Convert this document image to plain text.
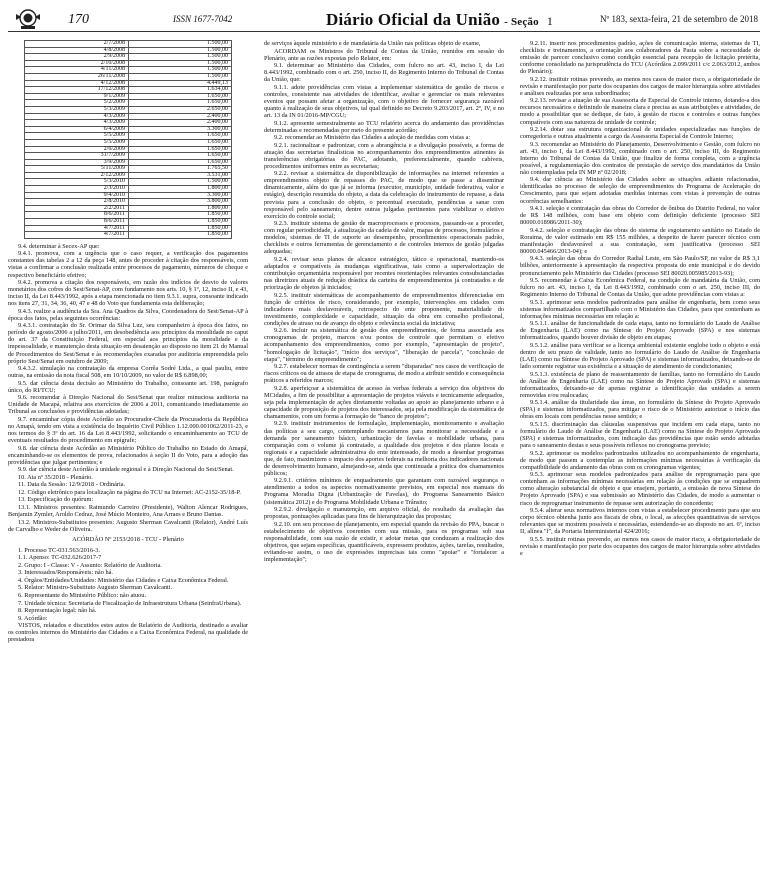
170	ISSN 1677-7042	Diário Oficial da União - Seção 1	Nº 183, sexta-feira, 21 de setembro de 2018
2/7/2008	1.500,00
4/8/2008	1.500,00
2/9/2008	1.500,00
2/10/2008	1.500,00
4/11/2008	1.500,00
26/11/2008	1.500,00
4/12/2008	4.449,13
17/12/2008	1.634,00
9/1/2009	1.650,00
5/2/2009	1.650,00
5/3/2009	2.650,00
4/3/2009	2.400,00
4/3/2009	2.400,00
6/4/2009	3.300,00
5/5/2009	1.650,00
5/5/2009	1.650,00
2/6/2009	1.650,00
31/7/2009	1.650,00
3/9/2009	1.650,00
5/11/2009	1.765,50
2/12/2009	3.531,00
5/3/2010	1.500,00
2/3/2010	1.800,00
9/4/2010	3.300,00
2/8/2010	3.800,00
2/2/2011	1.800,00
8/6/2011	1.850,00
8/6/2011	1.850,00
4/7/2011	1.850,00
4/7/2011	1.850,00

9.4. determinar à Secex-AP que:

9.4.1. promova, com a urgência que o caso requer, a verificação dos pagamentos constantes das tabelas 2 a 12 da peça 148, antes de proceder à citação dos responsáveis, com vistas a confirmar a conclusão realizada entre processos de pagamento, números de cheque e respectivo beneficiário efetivo;

9.4.2. promova a citação dos responsáveis, em razão dos indícios de desvio de valores monetários dos cofres do Sest/Senat-AP, com fundamento nos arts. 10, § 1º, 12, inciso II, e 43, inciso II, da Lei 8.443/1992, após a etapa mencionada no item 9.3.1. supra, consoante indicado nos itens 27, 31, 34, 36, 40, 47 e 48 do Voto que fundamenta esta deliberação;

9.4.3. realize a audiência da Sra. Ana Quadros da Silva, Coordenadora do Sest/Senat-AP à época dos fatos, pelas seguintes ocorrências:

9.4.3.1. contratação do Sr. Orimar da Silva Luz, seu companheiro à época dos fatos, no período de agosto/2006 a julho/2011, em desobediência aos princípios da moralidade no caput do art. 37 da Constituição Federal, em especial aos princípios da moralidade e da impessoalidade, e manutenção desta situação em desatenção ao disposto no item 21 do Manual de Procedimentos do Sest/Senat e às recomendações exaradas por auditoria empreendida pelo próprio Sest/Senat em outubro de 2009;

9.4.3.2. simulação na contratação da empresa Corrêa Sodré Ltda., a qual pauliu, entre outras, na emissão da nota fiscal 508, em 10/10/2009, no valor de R$ 6.898,00;

9.5. dar ciência desta decisão ao Ministério do Trabalho, consoante art. 198, parágrafo único, do RI/TCU;

9.6. recomendar à Direção Nacional do Sest/Senat que realize minuciosa auditoria na Unidade de Macapá, relativa aos exercícios de 2006 a 2011, comunicando imediatamente ao Tribunal as conclusões e providências adotadas;

9.7. encaminhar cópia deste Acórdão ao Procurador-Chefe da Procuradoria da República no Amapá, tendo em vista a existência do Inquérito Civil Público 1.12.000.001062/2011-23, e nos termos do § 3º do art. 16 da Lei 8.443/1992, solicitando o encaminhamento ao TCU de eventuais resultados do procedimento em epígrafe;

9.8. dar ciência deste Acórdão ao Ministério Público do Trabalho no Estado do Amapá, encaminhando-se os elementos de prova, relacionados à seção II do Voto, para a adoção das providências que julgar pertinentes; e

9.9. dar ciência deste Acórdão à unidade regional e à Direção Nacional do Sest/Senat.

10. Ata nº 35/2018 - Plenário.

11. Data da Sessão: 12/9/2018 - Ordinária.

12. Código eletrônico para localização na página do TCU na Internet: AC-2152-35/18-P.

13. Especificação do quórum:

13.1. Ministros presentes: Raimundo Carreiro (Presidente), Walton Alencar Rodrigues, Benjamin Zymler, Aroldo Cedraz, José Múcio Monteiro, Ana Arraes e Bruno Dantas.

13.2. Ministros-Substitutos presentes: Augusto Sherman Cavalcanti (Relator), André Luís de Carvalho e Weder de Oliveira.

ACÓRDÃO Nº 2153/2018 - TCU - Plenário

1. Processo TC-031.563/2016-3.

1.1. Apenso: TC-032.626/2017-7

2. Grupo: I - Classe: V - Assunto: Relatório de Auditoria.

3. Interessados/Responsáveis: não há.

4. Órgãos/Entidades/Unidades: Ministério das Cidades e Caixa Econômica Federal.

5. Relator: Ministro-Substituto Augusto Sherman Cavalcanti.

6. Representante do Ministério Público: não atuou.

7. Unidade técnica: Secretaria de Fiscalização de Infraestrutura Urbana (SeinfraUrbana).

8. Representação legal: não há.

9. Acórdão:

VISTOS, relatados e discutidos estes autos de Relatório de Auditoria, destinado a avaliar os controles internos do Ministério das Cidades e a Caixa Econômica Federal, na qualidade de prestadora

de serviços àquele ministério e de mandatária da União nas políticas objeto de exame,

ACORDAM os Ministros do Tribunal de Contas da União, reunidos em sessão do Plenário, ante as razões expostas pelo Relator, em:

9.1. determinar ao Ministério das Cidades, com fulcro no art. 43, inciso I, da Lei 8.443/1992, combinado com o art. 250, inciso II, do Regimento Interno do Tribunal de Contas da União, que:

9.1.1. adote providências com vistas a implementar sistemática de gestão de riscos e controles, consistente nas atividades de identificar, avaliar e gerenciar os mais relevantes eventos que possam afetar a organização, com o objetivo de fornecer segurança razoável quanto à realização de seus objetivos, tal qual definido no Decreto 9.203/2017, art. 2º, IV, e no art. 13 da IN 01/2016-MP/CGU;

9.1.2. apresente semestralmente ao TCU relatório acerca do andamento das providências determinadas e recomendadas por meio do presente acórdão;

9.2. recomendar ao Ministério das Cidades a adoção de medidas com vistas a:

9.2.1. racionalizar e padronizar, com a abrangência e a divulgação possíveis, a forma de atuação das secretarias finalísticas no acompanhamento dos empreendimentos atinentes às transferências obrigatórias do PAC, adotando, preferencialmente, quando cabíveis, procedimentos uniformes entre as secretarias;

9.2.2. revisar a sistemática de disponibilização de informações na internet referentes a empreendimentos objeto de repasses do PAC, de modo que se passe a disseminar dinamicamente, além do que já se informa (executor, município, unidade federativa, valor e estágio), descrição resumida do objeto, a data da celebração do instrumento de repasse, a data prevista para a conclusão do objeto, o percentual executado, pendências a sanar com responsável pelo saneamento, dentre outras julgadas pertinentes para viabilizar o efetivo exercício do controle social;

9.2.3. instituir sistema de gestão de macroprocessos e processos, passando-se a proceder, com regular periodicidade, à atualização da cadeia de valor, mapas de processos, formulários e modelos, sistemas de TI de suporte ao desempenho, procedimentos operacionais padrão, checklists e outros ferramentas de gerenciamento e de controles internos de gestão julgadas adequadas;

9.2.4. revisar seus planos de alcance estratégico, tático e operacional, mantendo-os adaptados e compatíveis às mudanças significativas, tais como a supervalorização de contribuição orçamentária responsável por recentes reorientações relevantes consubstanciadas nas diretrizes atuais de redução drástica da carteira de empreendimentos já contratados e de priorização de objetos já iniciados;

9.2.5. instituir sistemáticas de acompanhamento de empreendimentos diferenciadas em função de critérios de risco, considerando, por exemplo, intervenções em cidades com indicadores mais desfavoráveis, retrospecto do ente proponente, materialidade do investimento, complexidade e capacidade, situação da obra em conselho profissional, condições de atraso ou de avanço do objeto e relevância social da iniciativa;

9.2.6. incluir na sistemática de gestão dos empreendimentos, de forma associada aos cronogramas de projeto, marcos e/ou pontos de controle que permitam o efetivo acompanhamento dos empreendimentos, como por exemplo, "apresentação de projeto", "homologação de licitação", "início dos serviços", "liberação de parcela", "conclusão de etapa", "término do empreendimento";

9.2.7. estabelecer normas de contingência a serem "disparadas" nos casos de verificação de riscos críticos ou de atrasos de etapa de cronograma, de modo a atribuir sentido e consequência práticos a referidos marcos;

9.2.8. aperfeiçoar a sistemática de acesso às verbas federais a serviço dos objetivos do MCidades, a fim de possibilitar a apresentação de projetos viáveis e tecnicamente adequados, seja pela implementação de ações diretamente voltadas ao apoio ao planejamento urbano e à capacidade de proposição de projetos dos interessados, seja pela modificação da sistemática de chamamentos, com um forma a formação de "banco de projetos";

9.2.9. instituir instrumentos de formulação, implementação, monitoramento e avaliação das políticas a seu cargo, contemplando mecanismos para monitorar a necessidade e a demanda por saneamento básico, urbanização de favelas e mobilidade urbana, para comparação com o volume já contratado, a qualidade dos projetos e dos planos locais e regionais e a capacidade administrativa do ente interessado, de modo a desenhar programas que, de fato, maximizem o impacto dos aportes federais na melhoria dos indicadores nacionais de desenvolvimento humano, almejando-se, ainda que continuada a prática dos chamamentos públicos;

9.2.9.1. critérios mínimos de enquadramento que garantam com razoável segurança o atendimento a todos os aspectos normativamente previstos, em especial nos manuais do Programa Moradia Digna (Urbanização de Favelas), do Programa Saneamento Básico (sistemática 2012) e do Programa Mobilidade Urbana e Trânsito;

9.2.9.2. divulgação e manutenção, em arquivo oficial, do resultado da avaliação das propostas, pontuações aplicadas para fins de hierarquização das propostas;

9.2.10. em seu processo de planejamento, em especial quando da revisão do PPA, buscar o estabelecimento de objetivos coerentes com sua missão, para os programas sob sua responsabilidade, com sua razão de existir, e adotar metas que conduzam a realização dos objetivos, que sejam específicas, quantificáveis, expressem produtos, ações, tarefas, resultados, evitando-se assim, o uso de expressões imprecisas tais como "apoiar" e "fortalecer a implementação";

9.2.11. inserir nos procedimentos padrão, ações de comunicação interna, sistemas de TI, checklists e treinamentos, a orientação aos colaboradores da Pasta sobre a necessidade de emissão de parecer conclusivo como condição essencial para recepção de licitação pretérita, conforme consolidado na jurisprudência do TCU (Acórdãos 2.099/2011 c/c 2.063/2012, ambos do Plenário);

9.2.12. instituir rotinas prevendo, ao menos nos casos de maior risco, a obrigatoriedade de revisão e manifestação por parte dos ocupantes dos cargos de maior hierarquia sobre atividades e análises realizadas por seus subordinados;

9.2.13. revisar a atuação de sua Assessoria de Especial de Controle interno, dotando-a dos recursos necessários e definindo de maneira clara e precisa as suas atribuições e atividades, de modo a possibilitar que se dedique, de fato, à gestão de riscos e controles e outras funções compatíveis com sua natureza de unidade de controle;

9.2.14. dotar sua estrutura organizacional de unidades especializadas nas funções de corregedoria e outras atualmente a cargo da Assessoria Especial de Controle Interno;

9.3. recomendar ao Ministério do Planejamento, Desenvolvimento e Gestão, com fulcro no art. 43, inciso I, da Lei 8.443/1992, combinado com o art. 250, inciso III, do Regimento Interno do Tribunal de Contas da União, que finalize de forma completa, com a urgência possível, a regulamentação dos contratos de prestação de serviço dos mandatários da União não contempladas pela IN MP nº 02/2018;

9.4. dar ciência ao Ministério das Cidades sobre as situações adiante relacionadas, identificadas no processo de seleção de empreendimentos do Programa de Aceleração do Crescimento, para que sejam adotadas medidas internas com vistas à prevenção de outras ocorrências semelhantes:

9.4.1. seleção e contratação das obras do Corredor de ônibus do Distrito Federal, no valor de R$ 148 milhões, com base em objeto com definição deficiente (processo SEI 80000.018986/2011-30);

9.4.2. seleção e contratação das obras do sistema de esgotamento sanitário no Estado de Roraima, de valor estimado em R$ 155 milhões, a despeito de haver parecer técnico com manifestação desfavorável a sua contratação, sem justificativa (processo SEI 80000.045466/2013-04); e

9.4.3. seleção das obras do Corredor Radial Leste, em São Paulo/SP, no valor de R$ 3,1 bilhões, anteriormente à apresentação da respectiva proposta do ente municipal e do devido pronunciamento pelo Ministério das Cidades (processo SEI 80020.005985/2013-93);

9.5. recomendar à Caixa Econômica Federal, na condição de mandatária da União, com fulcro no art. 43, inciso I, da Lei 8.443/1992, combinado com o art. 250, inciso III, do Regimento Interno do Tribunal de Contas da União, que adote providências com vistas a:

9.5.1. aprimorar seus modelos padronizados para análise de engenharia, bem como seus sistemas informatizados compartilhado com o Ministério das Cidades, para que contenham as informações mínimas necessárias em relação a:

9.5.1.1. análise de funcionalidade de cada etapa, tanto no formulário do Laudo de Análise de Engenharia (LAE) como na Síntese do Projeto Aprovado (SPA) e nos sistemas informatizados, quando houver divisão de objeto em etapas;

9.5.1.2. análise para verificar se a licença ambiental existente englobe todo o objeto e está dentro de seu prazo de validade, tanto no formulário do Laudo de Análise de Engenharia (LAE) como na Síntese do Projeto Aprovado (SPA) e sistemas informatizados, deixando-se de lado somente registrar sua existência e a situação de atendimento de condicionantes;

9.5.1.3. existência de plano de reassentamento de famílias, tanto no formulário do Laudo de Análise de Engenharia (LAE) como na Síntese do Projeto Aprovado (SPA) e sistemas informatizados, deixando-se de apenas registrar a identificação das unidades a serem removidas e/ou realocadas;

9.5.1.4. análise da titularidade das áreas, no formulário da Síntese do Projeto Aprovado (SPA) e sistemas informatizados, para mitigar o risco de o Ministério autorizar o início das obras em locais com pendências nesse sentido; e

9.5.1.5. discriminação das cláusulas suspensivas que incidem em cada etapa, tanto no formulário do Laudo de Análise de Engenharia (LAE) como na Síntese do Projeto Aprovado (SPA) e sistemas informatizados, com indicação das providências que estão sendo adotadas para o saneamento destas e seus possíveis reflexos no cronograma previsto;

9.5.2. aprimorar os modelos padronizados utilizados no acompanhamento de engenharia, de modo que passem a contemplar as informações mínimas necessárias à verificação da compatibilidade do andamento das obras com os cronogramas vigentes;

9.5.3. aprimorar seus modelos padronizados para análise de reprogramação para que contenham as informações mínimas necessárias em relação às condições que se enquadrem como alteração substancial de objeto e que ensejem, portanto, a emissão de nova Síntese do Projeto Aprovado (SPA) e sua submissão ao Ministério das Cidades, de modo a aumentar o risco de reprogramar instrumento de repasse sem autorização do concedente;

9.5.4. alterar seus normativos internos com vistas a estabelecer procedimento para que seu corpo técnico obtenha junto aos fiscais de obra, o local, as afecções quantitativas de serviços relevantes que se mostrem possíveis e necessárias, estendendo-se ao disposto no art. 6º, inciso II, alínea "f", da Portaria Interministerial 424/2016;

9.5.5. instituir rotinas prevendo, ao menos nos casos de maior risco, a obrigatoriedade de revisão e manifestação por parte dos ocupantes dos cargos de maior hierarquia sobre atividades e
